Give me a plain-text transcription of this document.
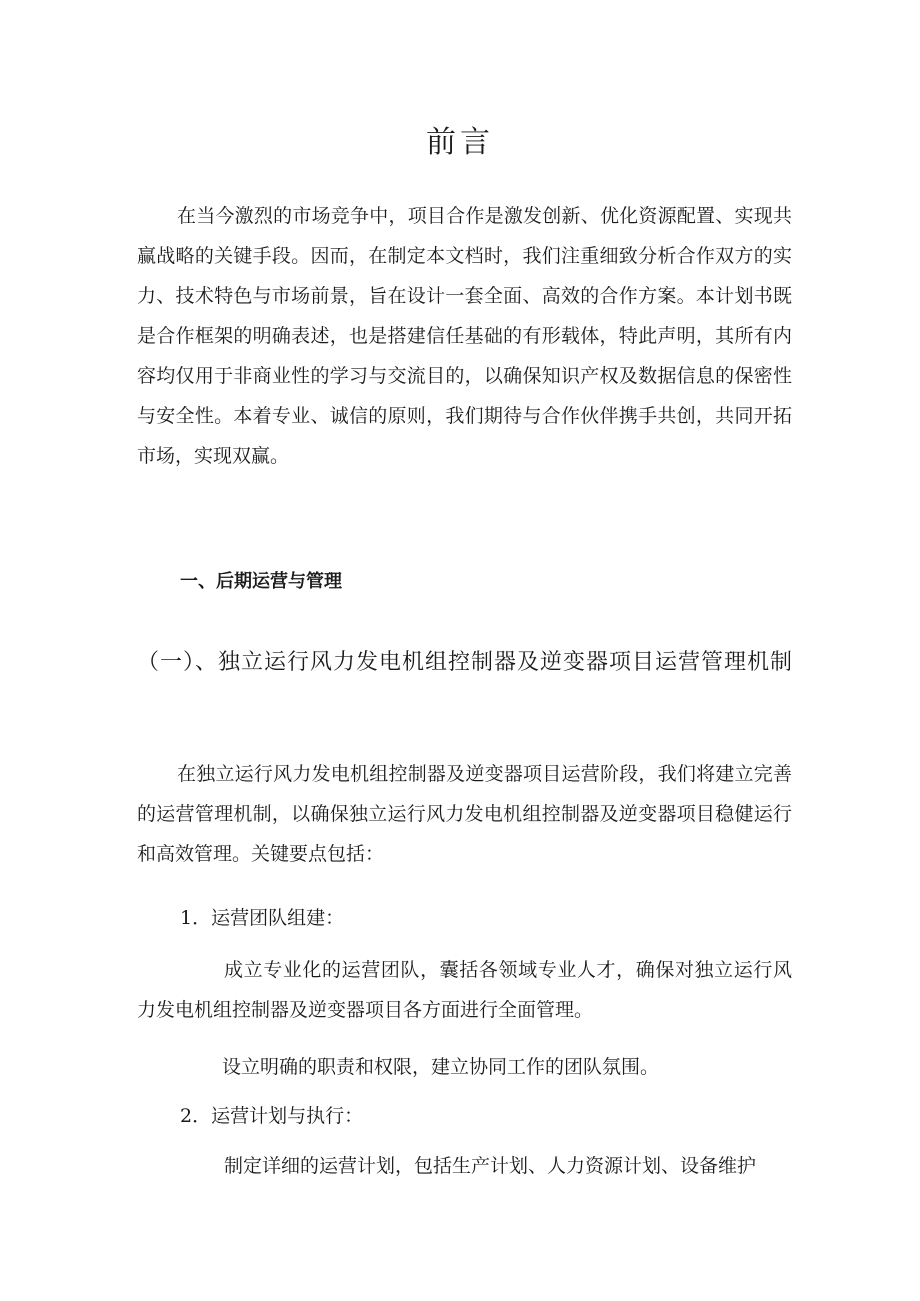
前言

在当今激烈的市场竞争中，项目合作是激发创新、优化资源配置、实现共赢战略的关键手段。因而，在制定本文档时，我们注重细致分析合作双方的实力、技术特色与市场前景，旨在设计一套全面、高效的合作方案。本计划书既是合作框架的明确表述，也是搭建信任基础的有形载体，特此声明，其所有内容均仅用于非商业性的学习与交流目的，以确保知识产权及数据信息的保密性与安全性。本着专业、诚信的原则，我们期待与合作伙伴携手共创，共同开拓市场，实现双赢。

一、后期运营与管理

（一）、独立运行风力发电机组控制器及逆变器项目运营管理机制

在独立运行风力发电机组控制器及逆变器项目运营阶段，我们将建立完善的运营管理机制，以确保独立运行风力发电机组控制器及逆变器项目稳健运行和高效管理。关键要点包括：

1．运营团队组建：

成立专业化的运营团队，囊括各领域专业人才，确保对独立运行风力发电机组控制器及逆变器项目各方面进行全面管理。

设立明确的职责和权限，建立协同工作的团队氛围。

2．运营计划与执行：

制定详细的运营计划，包括生产计划、人力资源计划、设备维护
